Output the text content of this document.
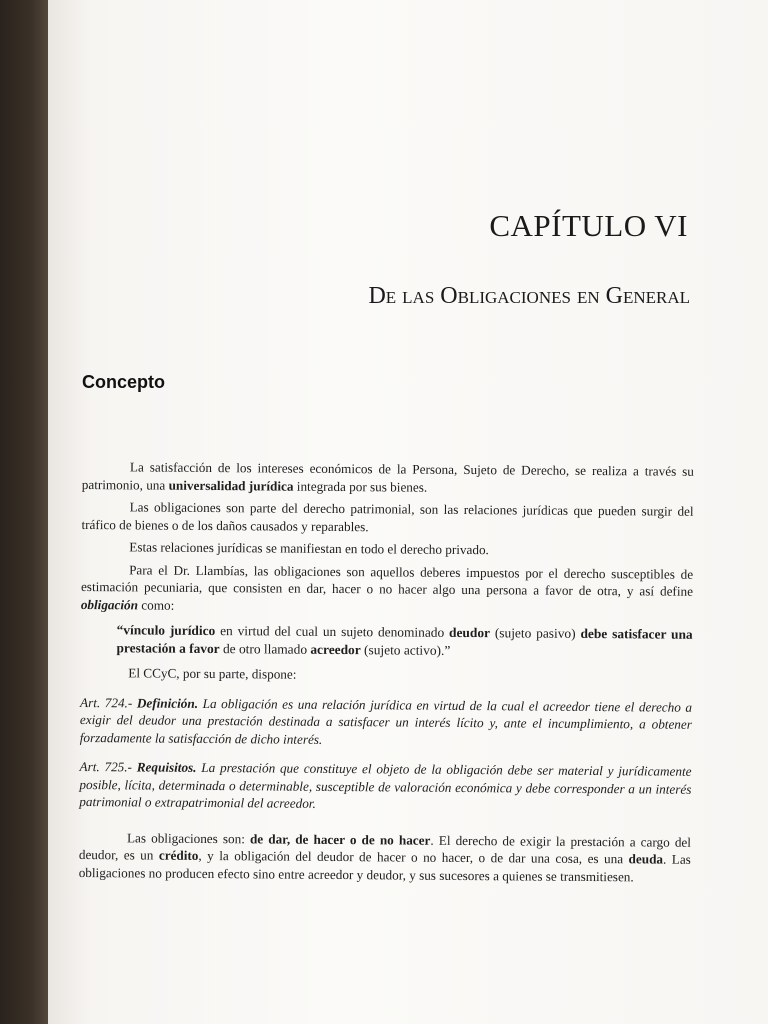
CAPÍTULO VI
De las Obligaciones en General
Concepto

La satisfacción de los intereses económicos de la Persona, Sujeto de Derecho, se realiza a través su patrimonio, una universalidad jurídica integrada por sus bienes.

Las obligaciones son parte del derecho patrimonial, son las relaciones jurídicas que pueden surgir del tráfico de bienes o de los daños causados y reparables.

Estas relaciones jurídicas se manifiestan en todo el derecho privado.

Para el Dr. Llambías, las obligaciones son aquellos deberes impuestos por el derecho susceptibles de estimación pecuniaria, que consisten en dar, hacer o no hacer algo una persona a favor de otra, y así define obligación como:

“vínculo jurídico en virtud del cual un sujeto denominado deudor (sujeto pasivo) debe satisfacer una prestación a favor de otro llamado acreedor (sujeto activo).”

El CCyC, por su parte, dispone:

Art. 724.- Definición. La obligación es una relación jurídica en virtud de la cual el acreedor tiene el derecho a exigir del deudor una prestación destinada a satisfacer un interés lícito y, ante el incumplimiento, a obtener forzadamente la satisfacción de dicho interés.

Art. 725.- Requisitos. La prestación que constituye el objeto de la obligación debe ser material y jurídicamente posible, lícita, determinada o determinable, susceptible de valoración económica y debe corresponder a un interés patrimonial o extrapatrimonial del acreedor.

Las obligaciones son: de dar, de hacer o de no hacer. El derecho de exigir la prestación a cargo del deudor, es un crédito, y la obligación del deudor de hacer o no hacer, o de dar una cosa, es una deuda. Las obligaciones no producen efecto sino entre acreedor y deudor, y sus sucesores a quienes se transmitiesen.
